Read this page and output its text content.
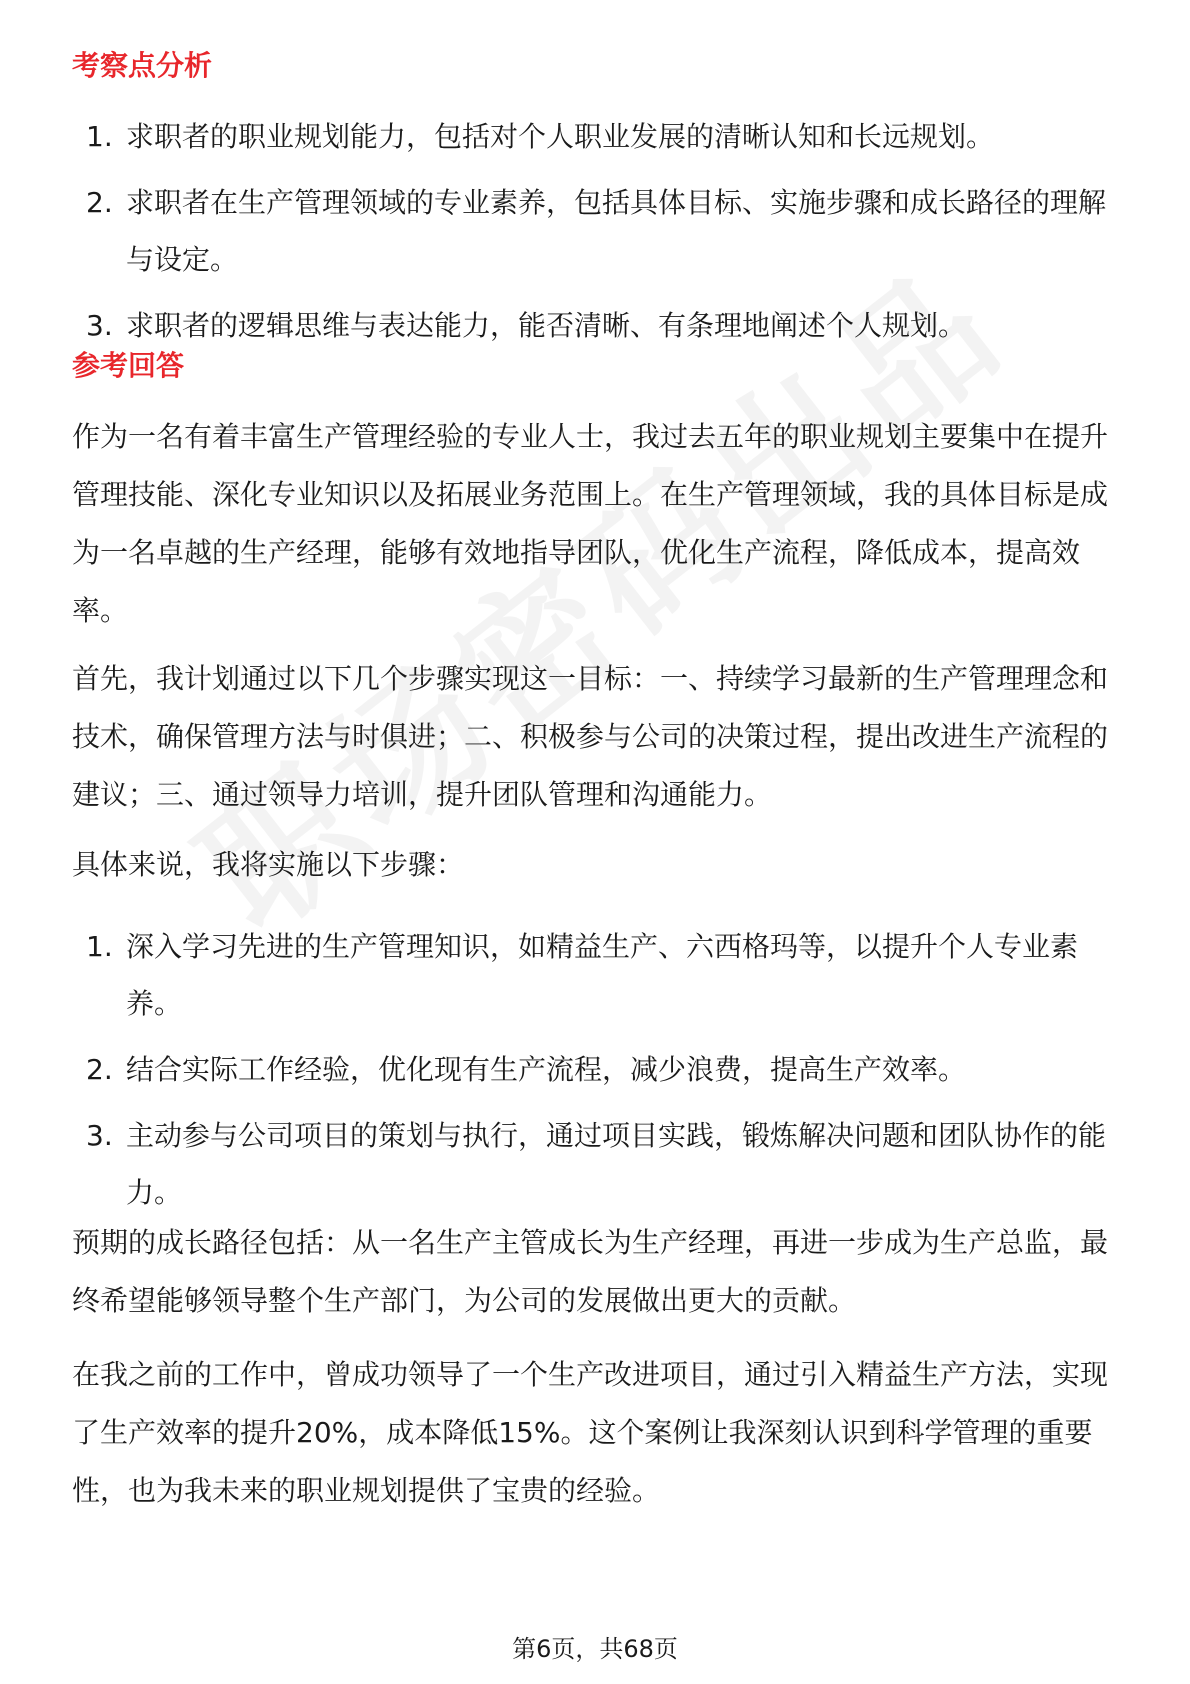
考察点分析
1. 求职者的职业规划能力，包括对个人职业发展的清晰认知和长远规划。
2. 求职者在生产管理领域的专业素养，包括具体目标、实施步骤和成长路径的理解与设定。
3. 求职者的逻辑思维与表达能力，能否清晰、有条理地阐述个人规划。
参考回答

作为一名有着丰富生产管理经验的专业人士，我过去五年的职业规划主要集中在提升管理技能、深化专业知识以及拓展业务范围上。在生产管理领域，我的具体目标是成为一名卓越的生产经理，能够有效地指导团队，优化生产流程，降低成本，提高效率。

首先，我计划通过以下几个步骤实现这一目标：一、持续学习最新的生产管理理念和技术，确保管理方法与时俱进；二、积极参与公司的决策过程，提出改进生产流程的建议；三、通过领导力培训，提升团队管理和沟通能力。

具体来说，我将实施以下步骤：

1. 深入学习先进的生产管理知识，如精益生产、六西格玛等，以提升个人专业素养。
2. 结合实际工作经验，优化现有生产流程，减少浪费，提高生产效率。
3. 主动参与公司项目的策划与执行，通过项目实践，锻炼解决问题和团队协作的能力。

预期的成长路径包括：从一名生产主管成长为生产经理，再进一步成为生产总监，最终希望能够领导整个生产部门，为公司的发展做出更大的贡献。

在我之前的工作中，曾成功领导了一个生产改进项目，通过引入精益生产方法，实现了生产效率的提升20%，成本降低15%。这个案例让我深刻认识到科学管理的重要性，也为我未来的职业规划提供了宝贵的经验。

第6页，共68页
